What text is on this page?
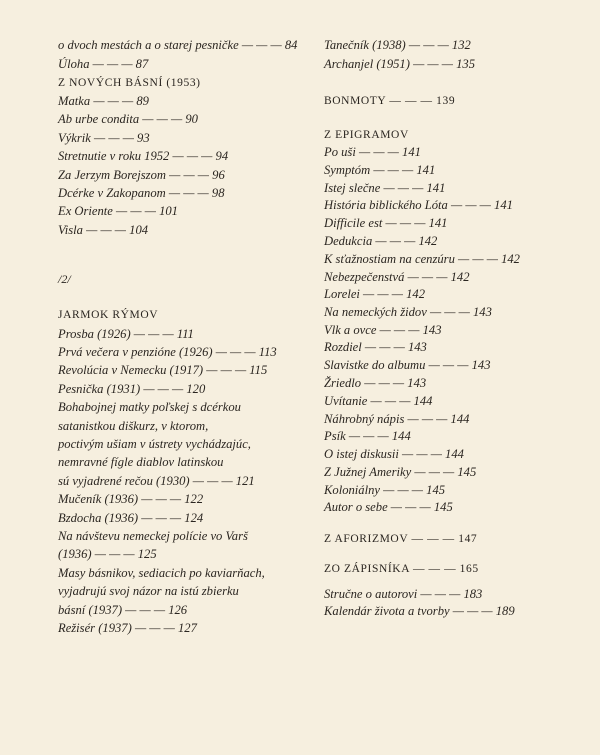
o dvoch mestách a o starej pesničke — — — 84
Úloha — — — 87
Z NOVÝCH BÁSNÍ (1953)
Matka — — — 89
Ab urbe condita — — — 90
Výkrik — — — 93
Stretnutie v roku 1952 — — — 94
Za Jerzym Borejszom — — — 96
Dcérke v Zakopanom — — — 98
Ex Oriente — — — 101
Visla — — — 104
/2/
JARMOK RÝMOV
Prosba (1926) — — — 111
Prvá večera v penzióne (1926) — — — 113
Revolúcia v Nemecku (1917) — — — 115
Pesnička (1931) — — — 120
Bohabojnej matky poľskej s dcérkou
satanistkou diškurz, v ktorom,
poctivým ušiam v ústrety vychádzajúc,
nemravné fígle diablov latinskou
sú vyjadrené rečou (1930) — — — 121
Mučeník (1936) — — — 122
Bzdocha (1936) — — — 124
Na návštevu nemeckej polície vo Varš
(1936) — — — 125
Masy básnikov, sediacich po kaviarňach,
vyjadrujú svoj názor na istú zbierku
básní (1937) — — — 126
Režisér (1937) — — — 127
Tanečník (1938) — — — 132
Archanjel (1951) — — — 135
BONMOTY — — — 139
Z EPIGRAMOV
Po uši — — — 141
Symptóm — — — 141
Istej slečne — — — 141
História biblického Lóta — — — 141
Difficile est — — — 141
Dedukcia — — — 142
K sťažnostiam na cenzúru — — — 142
Nebezpečenstvá — — — 142
Lorelei — — — 142
Na nemeckých židov — — — 143
Vlk a ovce — — — 143
Rozdiel — — — 143
Slavistke do albumu — — — 143
Žriedlo — — — 143
Uvítanie — — — 144
Náhrobný nápis — — — 144
Psík — — — 144
O istej diskusii — — — 144
Z Južnej Ameriky — — — 145
Koloniálny — — — 145
Autor o sebe — — — 145
Z AFORIZMOV — — — 147
ZO ZÁPISNÍKA — — — 165
Stručne o autorovi — — — 183
Kalendár života a tvorby — — — 189
